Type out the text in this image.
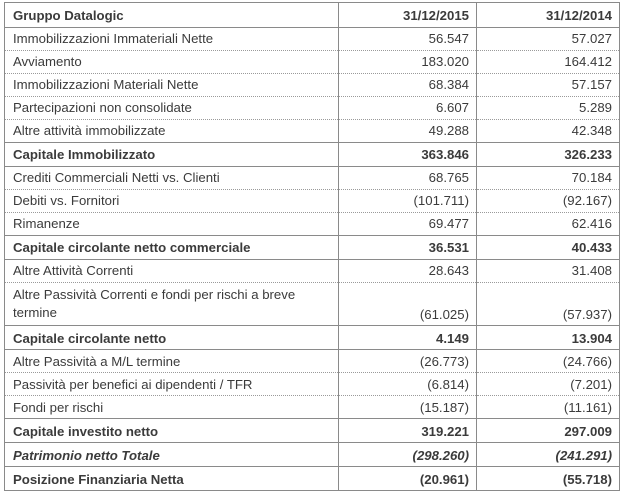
Gruppo Datalogic	31/12/2015	31/12/2014

Immobilizzazioni Immateriali Nette	56.547	57.027

Avviamento	183.020	164.412

Immobilizzazioni Materiali Nette	68.384	57.157

Partecipazioni non consolidate	6.607	5.289

Altre attività immobilizzate	49.288	42.348

Capitale Immobilizzato	363.846	326.233

Crediti Commerciali Netti vs. Clienti	68.765	70.184

Debiti vs. Fornitori	(101.711)	(92.167)

Rimanenze	69.477	62.416

Capitale circolante netto commerciale	36.531	40.433

Altre Attività Correnti	28.643	31.408

Altre Passività Correnti e fondi per rischi a breve termine	(61.025)	(57.937)

Capitale circolante netto	4.149	13.904

Altre Passività a M/L termine	(26.773)	(24.766)

Passività per benefici ai dipendenti / TFR	(6.814)	(7.201)

Fondi per rischi	(15.187)	(11.161)

Capitale investito netto	319.221	297.009

Patrimonio netto Totale	(298.260)	(241.291)

Posizione Finanziaria Netta	(20.961)	(55.718)
